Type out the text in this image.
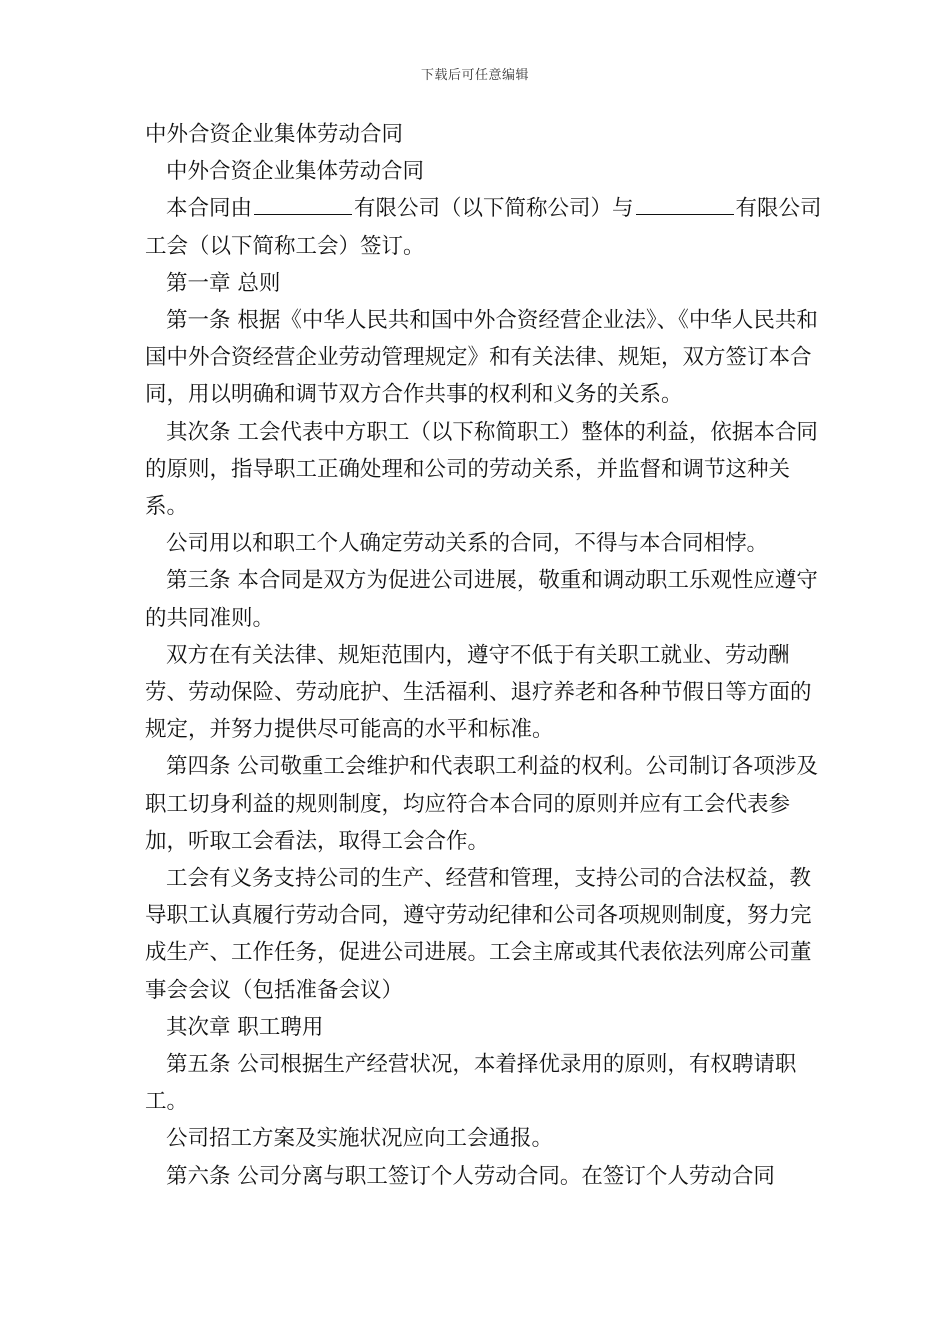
下载后可任意编辑

中外合资企业集体劳动合同

中外合资企业集体劳动合同

本合同由	有限公司（以下简称公司）与	有限公司工会（以下简称工会）签订。

第一章 总则

第一条 根据《中华人民共和国中外合资经营企业法》、《中华人民共和国中外合资经营企业劳动管理规定》和有关法律、规矩，双方签订本合同，用以明确和调节双方合作共事的权利和义务的关系。

其次条 工会代表中方职工（以下称简职工）整体的利益，依据本合同的原则，指导职工正确处理和公司的劳动关系，并监督和调节这种关系。

公司用以和职工个人确定劳动关系的合同，不得与本合同相悖。

第三条 本合同是双方为促进公司进展，敬重和调动职工乐观性应遵守的共同准则。

双方在有关法律、规矩范围内，遵守不低于有关职工就业、劳动酬劳、劳动保险、劳动庇护、生活福利、退疗养老和各种节假日等方面的规定，并努力提供尽可能高的水平和标准。

第四条 公司敬重工会维护和代表职工利益的权利。公司制订各项涉及职工切身利益的规则制度，均应符合本合同的原则并应有工会代表参加，听取工会看法，取得工会合作。

工会有义务支持公司的生产、经营和管理，支持公司的合法权益，教导职工认真履行劳动合同，遵守劳动纪律和公司各项规则制度，努力完成生产、工作任务，促进公司进展。工会主席或其代表依法列席公司董事会会议（包括准备会议）

其次章 职工聘用

第五条 公司根据生产经营状况，本着择优录用的原则，有权聘请职工。

公司招工方案及实施状况应向工会通报。

第六条 公司分离与职工签订个人劳动合同。在签订个人劳动合同
